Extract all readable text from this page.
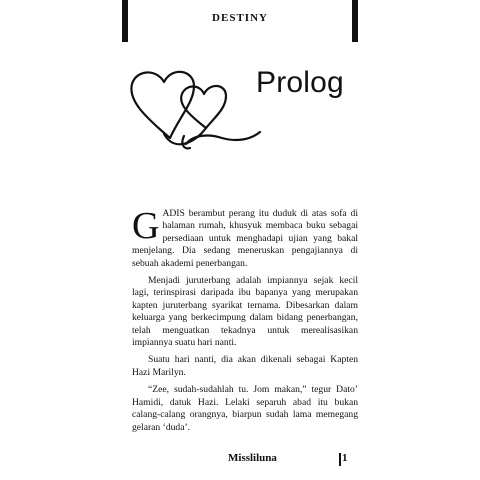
DESTINY
Prolog

GADIS berambut perang itu duduk di atas sofa di halaman rumah, khusyuk membaca buku sebagai persediaan untuk menghadapi ujian yang bakal menjelang. Dia sedang meneruskan pengajiannya di sebuah akademi penerbangan.

Menjadi juruterbang adalah impiannya sejak kecil lagi, terinspirasi daripada ibu bapanya yang merupakan kapten juruterbang syarikat ternama. Dibesarkan dalam keluarga yang berkecimpung dalam bidang penerbangan, telah menguatkan tekadnya untuk merealisasikan impiannya suatu hari nanti.

Suatu hari nanti, dia akan dikenali sebagai Kapten Hazi Marilyn.

“Zee, sudah-sudahlah tu. Jom makan,” tegur Dato’ Hamidi, datuk Hazi. Lelaki separuh abad itu bukan calang-calang orangnya, biarpun sudah lama memegang gelaran ‘duda’.

Missliluna	1
